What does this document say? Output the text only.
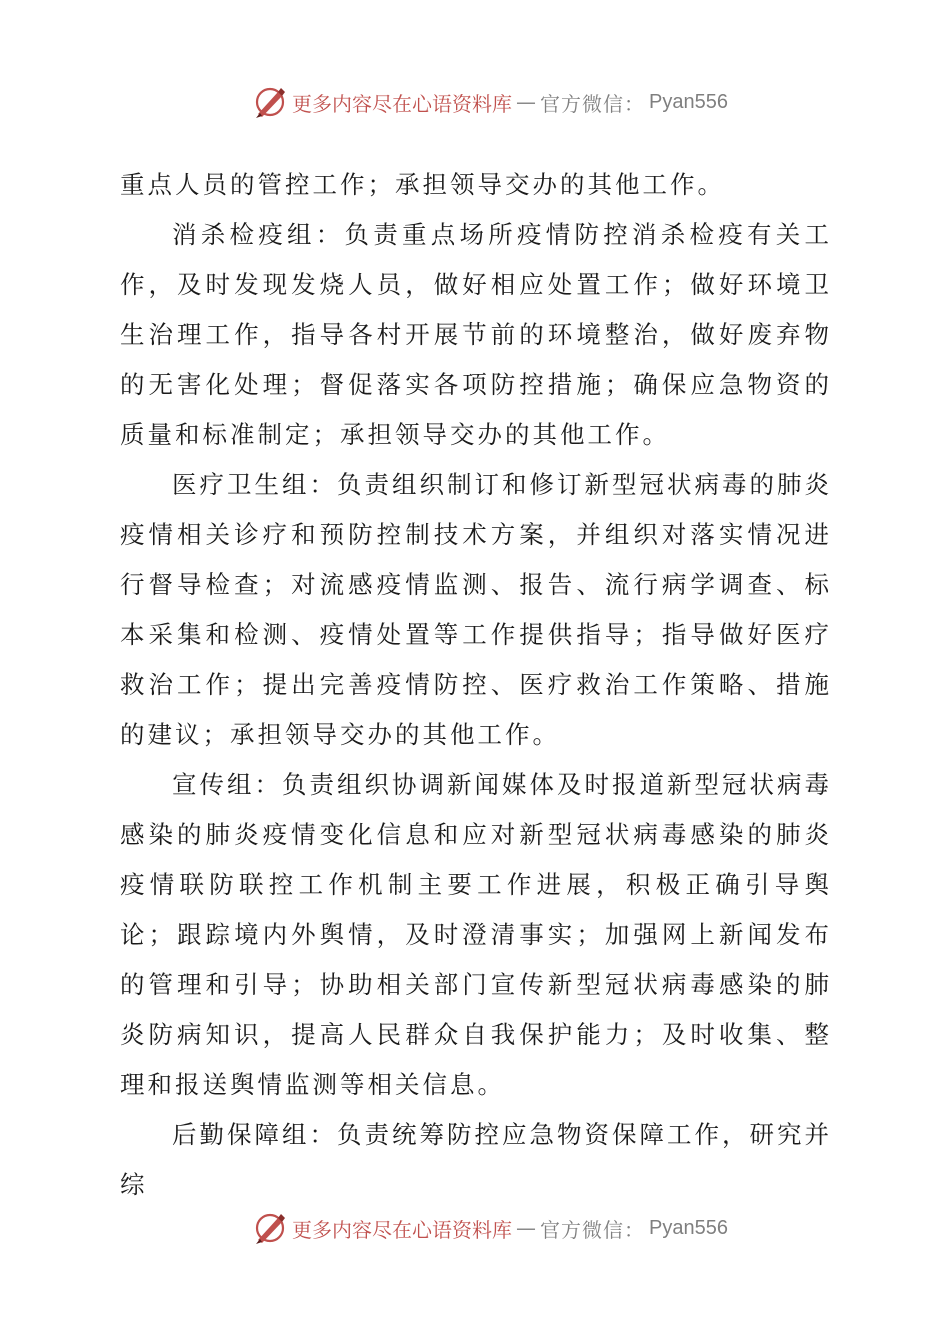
更多内容尽在心语资料库 — 官方微信： Pyan556

重点人员的管控工作；承担领导交办的其他工作。

消杀检疫组：负责重点场所疫情防控消杀检疫有关工作，及时发现发烧人员，做好相应处置工作；做好环境卫生治理工作，指导各村开展节前的环境整治，做好废弃物的无害化处理；督促落实各项防控措施；确保应急物资的质量和标准制定；承担领导交办的其他工作。

医疗卫生组：负责组织制订和修订新型冠状病毒的肺炎疫情相关诊疗和预防控制技术方案，并组织对落实情况进行督导检查；对流感疫情监测、报告、流行病学调查、标本采集和检测、疫情处置等工作提供指导；指导做好医疗救治工作；提出完善疫情防控、医疗救治工作策略、措施的建议；承担领导交办的其他工作。

宣传组：负责组织协调新闻媒体及时报道新型冠状病毒感染的肺炎疫情变化信息和应对新型冠状病毒感染的肺炎疫情联防联控工作机制主要工作进展，积极正确引导舆论；跟踪境内外舆情，及时澄清事实；加强网上新闻发布的管理和引导；协助相关部门宣传新型冠状病毒感染的肺炎防病知识，提高人民群众自我保护能力；及时收集、整理和报送舆情监测等相关信息。

后勤保障组：负责统筹防控应急物资保障工作，研究并综

更多内容尽在心语资料库 — 官方微信： Pyan556
